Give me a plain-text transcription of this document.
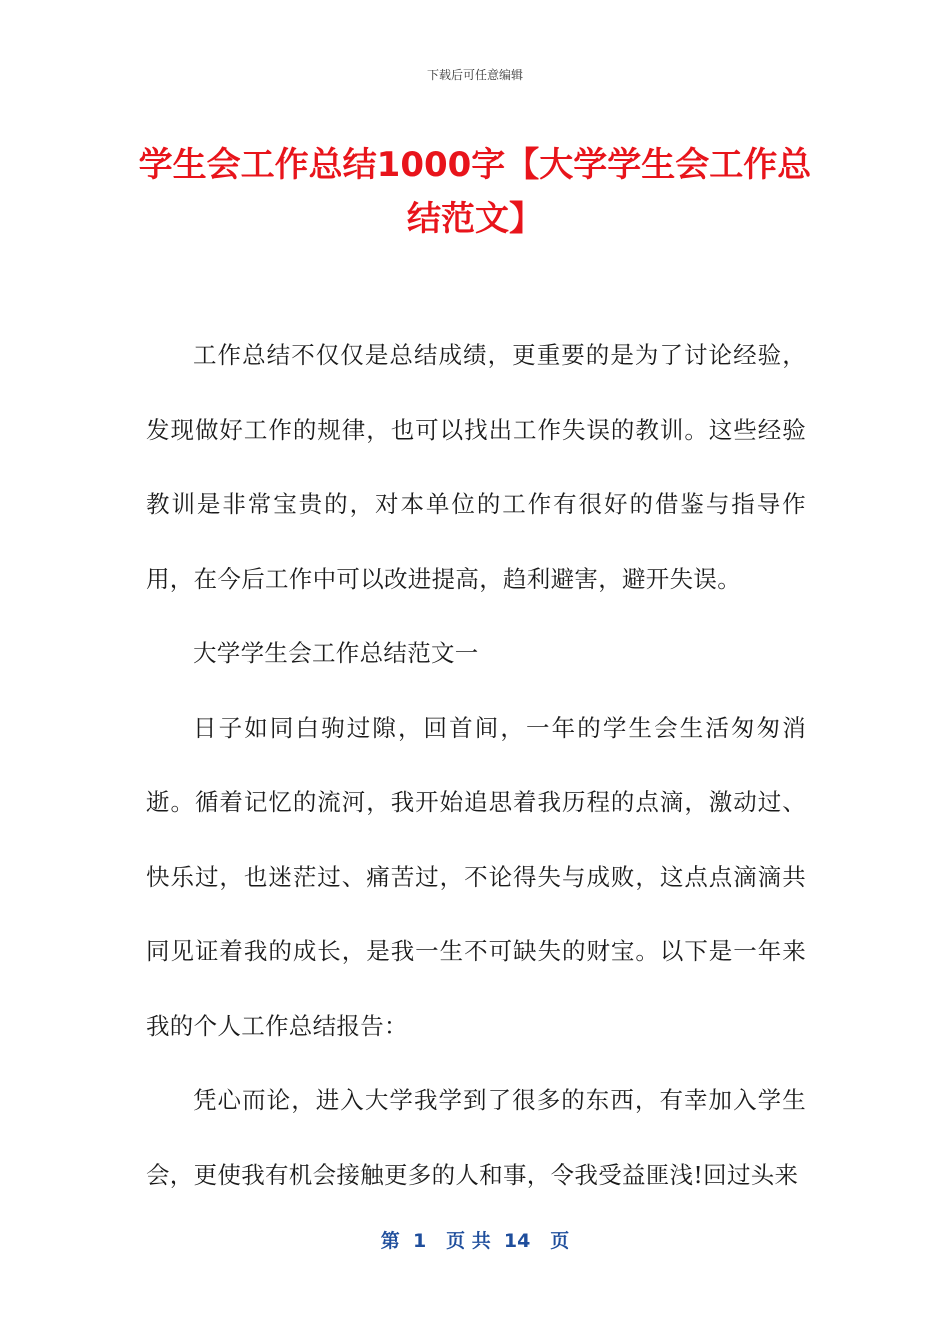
下载后可任意编辑
学生会工作总结1000字【大学学生会工作总结范文】

工作总结不仅仅是总结成绩，更重要的是为了讨论经验，发现做好工作的规律，也可以找出工作失误的教训。这些经验教训是非常宝贵的，对本单位的工作有很好的借鉴与指导作用，在今后工作中可以改进提高，趋利避害，避开失误。

大学学生会工作总结范文一

日子如同白驹过隙，回首间，一年的学生会生活匆匆消逝。循着记忆的流河，我开始追思着我历程的点滴，激动过、快乐过，也迷茫过、痛苦过，不论得失与成败，这点点滴滴共同见证着我的成长，是我一生不可缺失的财宝。以下是一年来我的个人工作总结报告：

凭心而论，进入大学我学到了很多的东西，有幸加入学生会，更使我有机会接触更多的人和事，令我受益匪浅!回过头来

第  1   页 共  14   页
